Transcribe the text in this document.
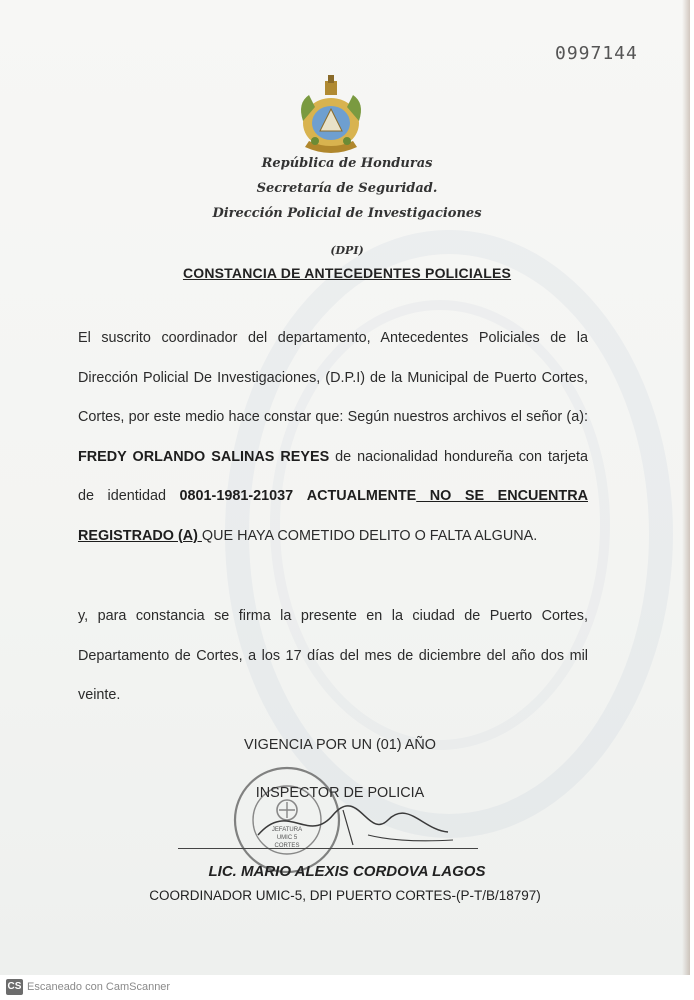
0997144
República de Honduras
Secretaría de Seguridad.
Dirección Policial de Investigaciones
(DPI)
CONSTANCIA DE ANTECEDENTES POLICIALES
El suscrito coordinador del departamento, Antecedentes Policiales de la Dirección Policial De Investigaciones, (D.P.I) de la Municipal de Puerto Cortes, Cortes, por este medio hace constar que: Según nuestros archivos el señor (a): FREDY ORLANDO SALINAS REYES de nacionalidad hondureña con tarjeta de identidad 0801-1981-21037 ACTUALMENTE NO SE ENCUENTRA REGISTRADO (A) QUE HAYA COMETIDO DELITO O FALTA ALGUNA.
y, para constancia se firma la presente en la ciudad de Puerto Cortes, Departamento de Cortes, a los 17 días del mes de diciembre del año dos mil veinte.
VIGENCIA POR UN (01) AÑO
JEFATURA
UMIC 5
CORTES
INSPECTOR DE POLICIA
LIC. MARIO ALEXIS CORDOVA LAGOS
COORDINADOR UMIC-5, DPI PUERTO CORTES-(P-T/B/18797)
CS Escaneado con CamScanner
